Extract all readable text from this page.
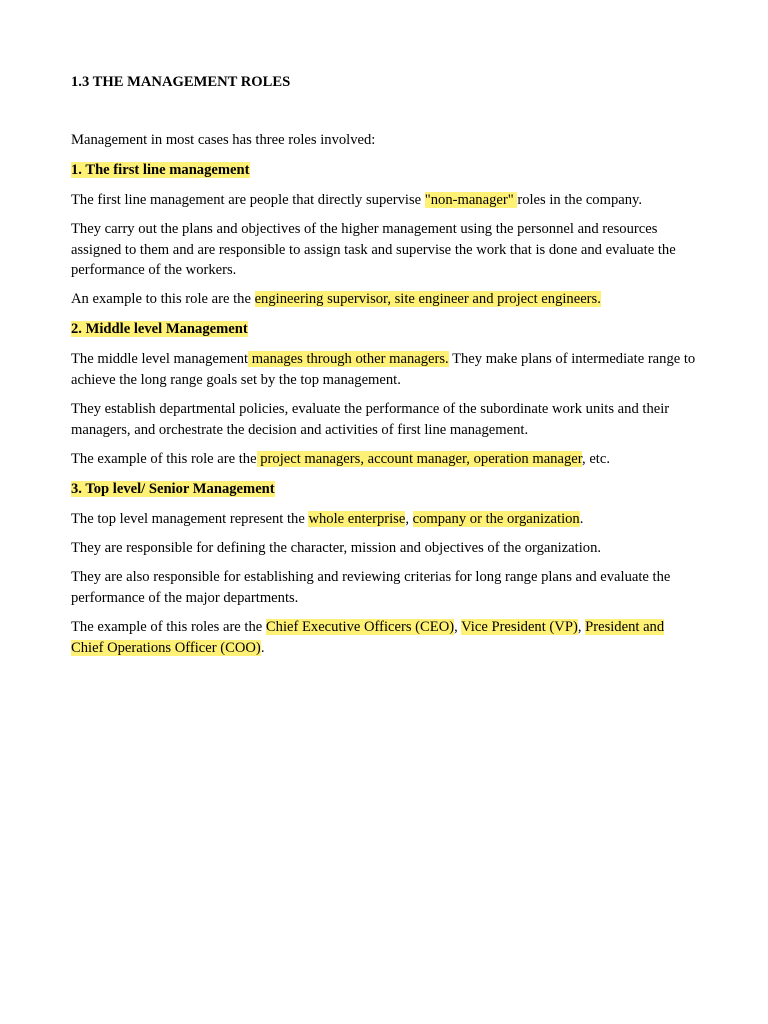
1.3 THE MANAGEMENT ROLES

Management in most cases has three roles involved:

1. The first line management

The first line management are people that directly supervise "non-manager" roles in the company.

They carry out the plans and objectives of the higher management using the personnel and resources assigned to them and are responsible to assign task and supervise the work that is done and evaluate the performance of the workers.

An example to this role are the engineering supervisor, site engineer and project engineers.

2. Middle level Management

The middle level management manages through other managers. They make plans of intermediate range to achieve the long range goals set by the top management.

They establish departmental policies, evaluate the performance of the subordinate work units and their managers, and orchestrate the decision and activities of first line management.

The example of this role are the project managers, account manager, operation manager, etc.

3. Top level/ Senior Management

The top level management represent the whole enterprise, company or the organization.

They are responsible for defining the character, mission and objectives of the organization.

They are also responsible for establishing and reviewing criterias for long range plans and evaluate the performance of the major departments.

The example of this roles are the Chief Executive Officers (CEO), Vice President (VP), President and Chief Operations Officer (COO).
